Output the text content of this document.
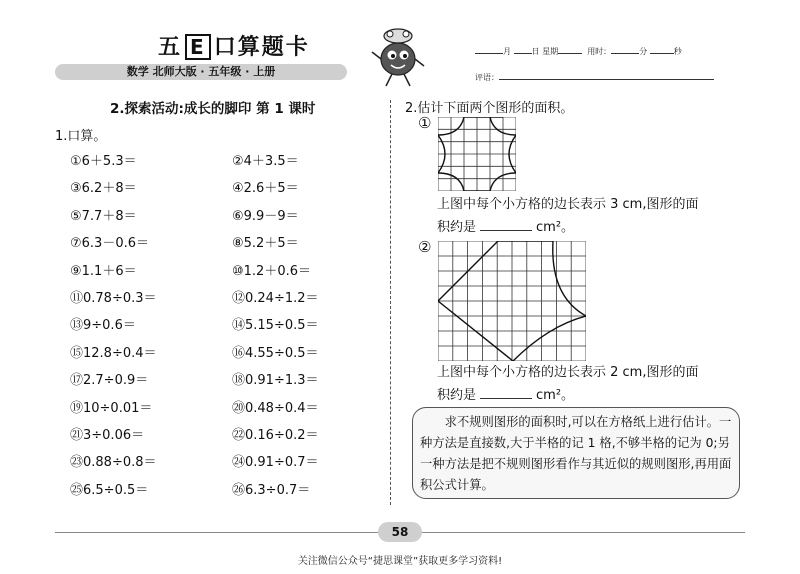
五 E 口算题卡
数学 北师大版 · 五年级 · 上册
月	日 星期	用时：	分	秒
评语：
2.探索活动:成长的脚印 第 1 课时
1.口算。
①6＋5.3＝	②4＋3.5＝
③6.2＋8＝	④2.6＋5＝
⑤7.7＋8＝	⑥9.9－9＝
⑦6.3－0.6＝	⑧5.2＋5＝
⑨1.1＋6＝	⑩1.2＋0.6＝
⑪0.78÷0.3＝	⑫0.24÷1.2＝
⑬9÷0.6＝	⑭5.15÷0.5＝
⑮12.8÷0.4＝	⑯4.55÷0.5＝
⑰2.7÷0.9＝	⑱0.91÷1.3＝
⑲10÷0.01＝	⑳0.48÷0.4＝
㉑3÷0.06＝	㉒0.16÷0.2＝
㉓0.88÷0.8＝	㉔0.91÷0.7＝
㉕6.5÷0.5＝	㉖6.3÷0.7＝
2.估计下面两个图形的面积。
①
上图中每个小方格的边长表示 3 cm,图形的面
积约是	cm²。
②
上图中每个小方格的边长表示 2 cm,图形的面
积约是	cm²。
求不规则图形的面积时,可以在方格纸上进行估计。一种方法是直接数,大于半格的记 1 格,不够半格的记为 0;另一种方法是把不规则图形看作与其近似的规则图形,再用面积公式计算。
58
关注微信公众号“捷思课堂”获取更多学习资料!
